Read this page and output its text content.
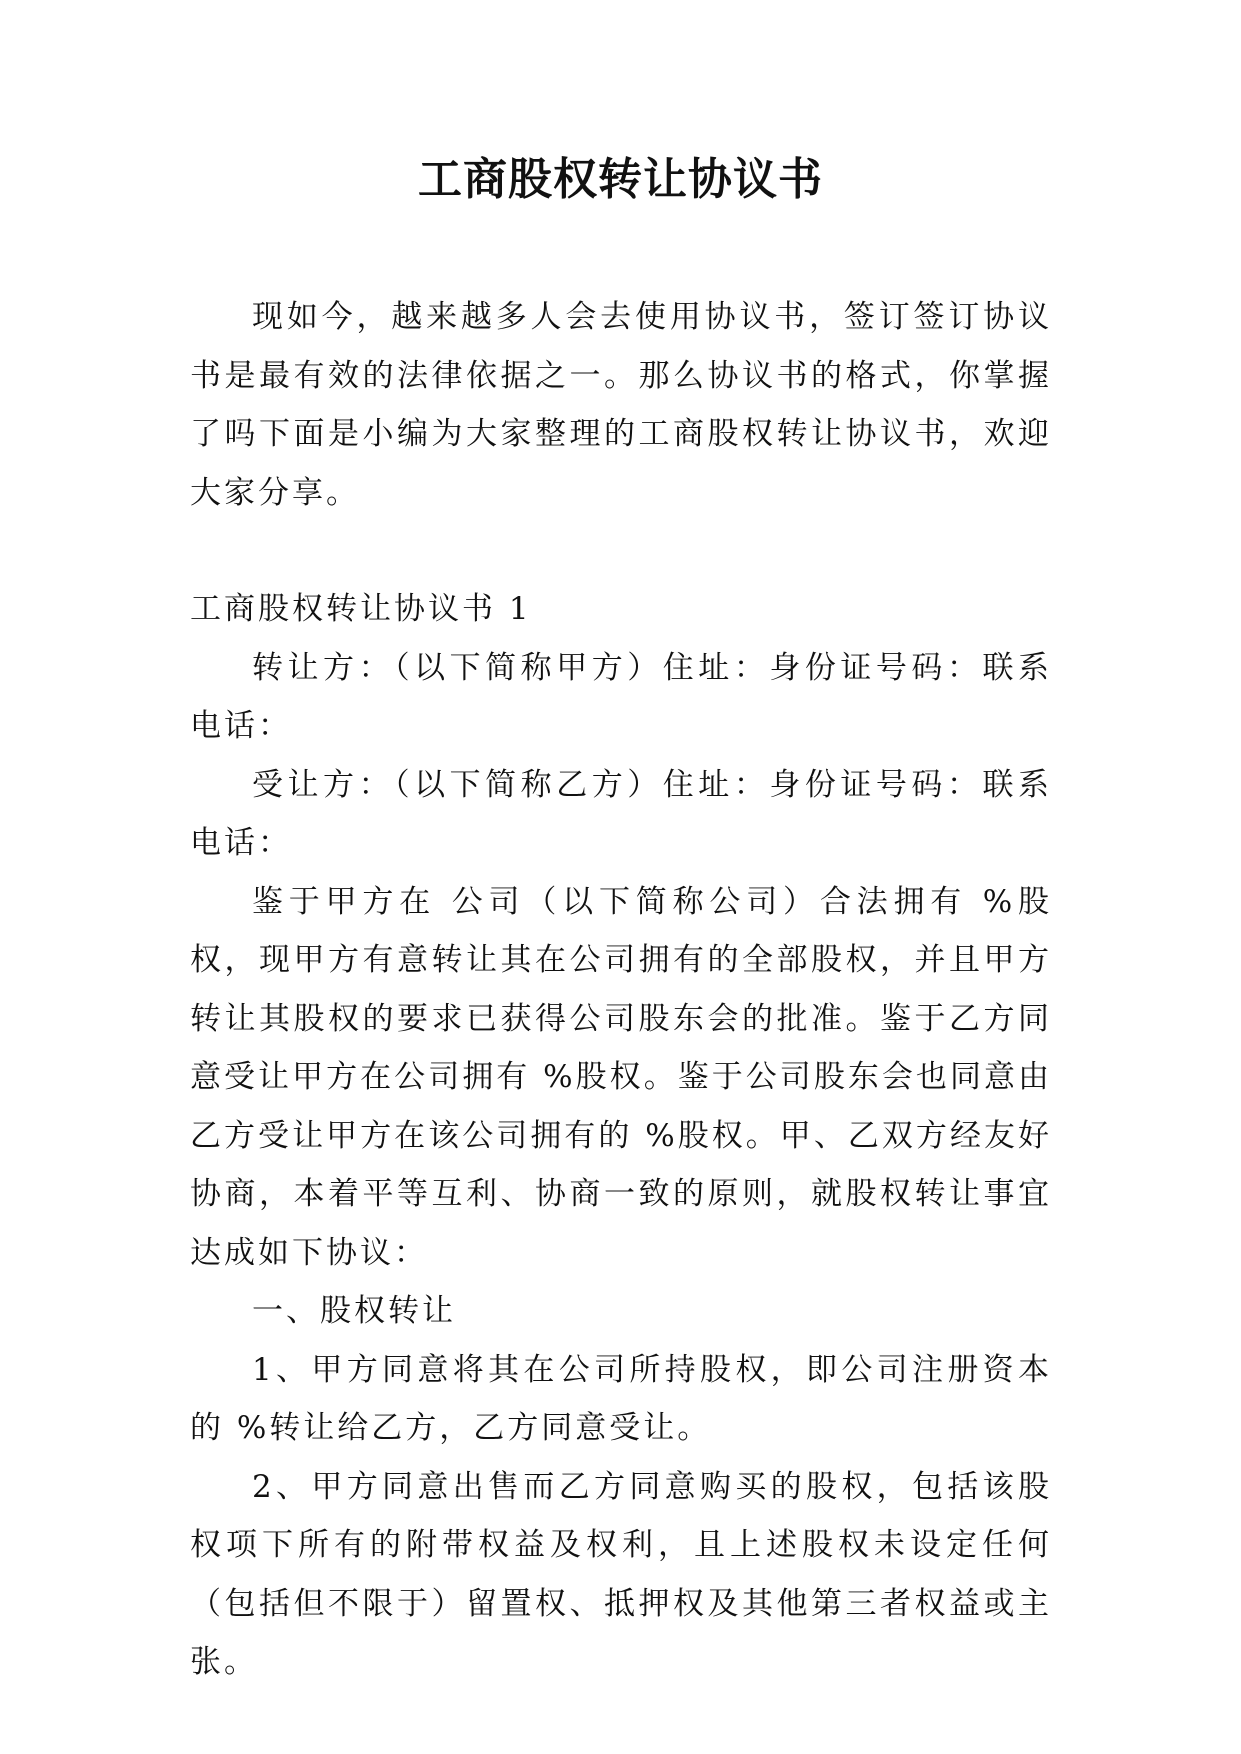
工商股权转让协议书

现如今，越来越多人会去使用协议书，签订签订协议书是最有效的法律依据之一。那么协议书的格式，你掌握了吗下面是小编为大家整理的工商股权转让协议书，欢迎大家分享。

工商股权转让协议书 1

转让方：（以下简称甲方）住址：身份证号码：联系电话：

受让方：（以下简称乙方）住址：身份证号码：联系电话：

鉴于甲方在 公司（以下简称公司）合法拥有 %股权，现甲方有意转让其在公司拥有的全部股权，并且甲方转让其股权的要求已获得公司股东会的批准。鉴于乙方同意受让甲方在公司拥有 %股权。鉴于公司股东会也同意由乙方受让甲方在该公司拥有的 %股权。甲、乙双方经友好协商，本着平等互利、协商一致的原则，就股权转让事宜达成如下协议：

一、股权转让

1、甲方同意将其在公司所持股权，即公司注册资本的 %转让给乙方，乙方同意受让。

2、甲方同意出售而乙方同意购买的股权，包括该股权项下所有的附带权益及权利，且上述股权未设定任何（包括但不限于）留置权、抵押权及其他第三者权益或主张。
